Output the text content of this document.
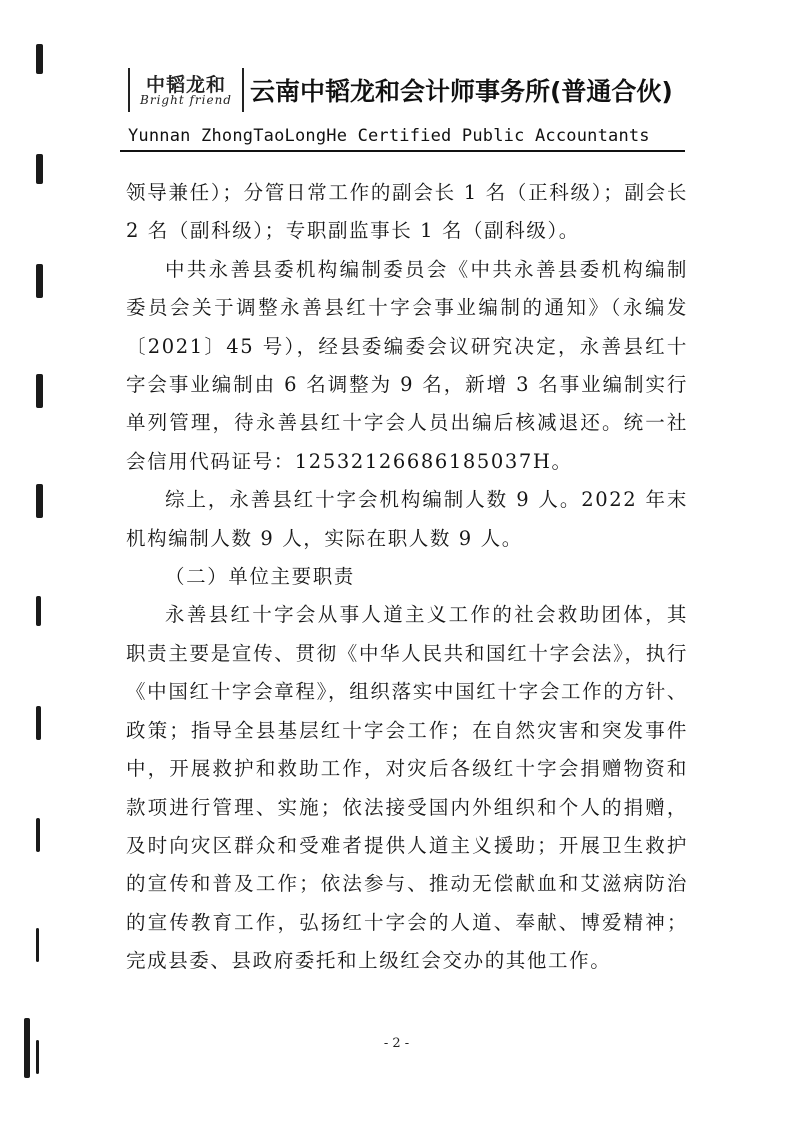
中韬龙和
Bright friend 云南中韬龙和会计师事务所(普通合伙)
Yunnan ZhongTaoLongHe Certified Public Accountants

领导兼任）；分管日常工作的副会长 1 名（正科级）；副会长 2 名（副科级）；专职副监事长 1 名（副科级）。

中共永善县委机构编制委员会《中共永善县委机构编制委员会关于调整永善县红十字会事业编制的通知》（永编发〔2021〕45 号），经县委编委会议研究决定，永善县红十字会事业编制由 6 名调整为 9 名，新增 3 名事业编制实行单列管理，待永善县红十字会人员出编后核减退还。统一社会信用代码证号：12532126686185037H。

综上，永善县红十字会机构编制人数 9 人。2022 年末机构编制人数 9 人，实际在职人数 9 人。

（二）单位主要职责

永善县红十字会从事人道主义工作的社会救助团体，其职责主要是宣传、贯彻《中华人民共和国红十字会法》，执行《中国红十字会章程》，组织落实中国红十字会工作的方针、政策；指导全县基层红十字会工作；在自然灾害和突发事件中，开展救护和救助工作，对灾后各级红十字会捐赠物资和款项进行管理、实施；依法接受国内外组织和个人的捐赠，及时向灾区群众和受难者提供人道主义援助；开展卫生救护的宣传和普及工作；依法参与、推动无偿献血和艾滋病防治的宣传教育工作，弘扬红十字会的人道、奉献、博爱精神；完成县委、县政府委托和上级红会交办的其他工作。

- 2 -
